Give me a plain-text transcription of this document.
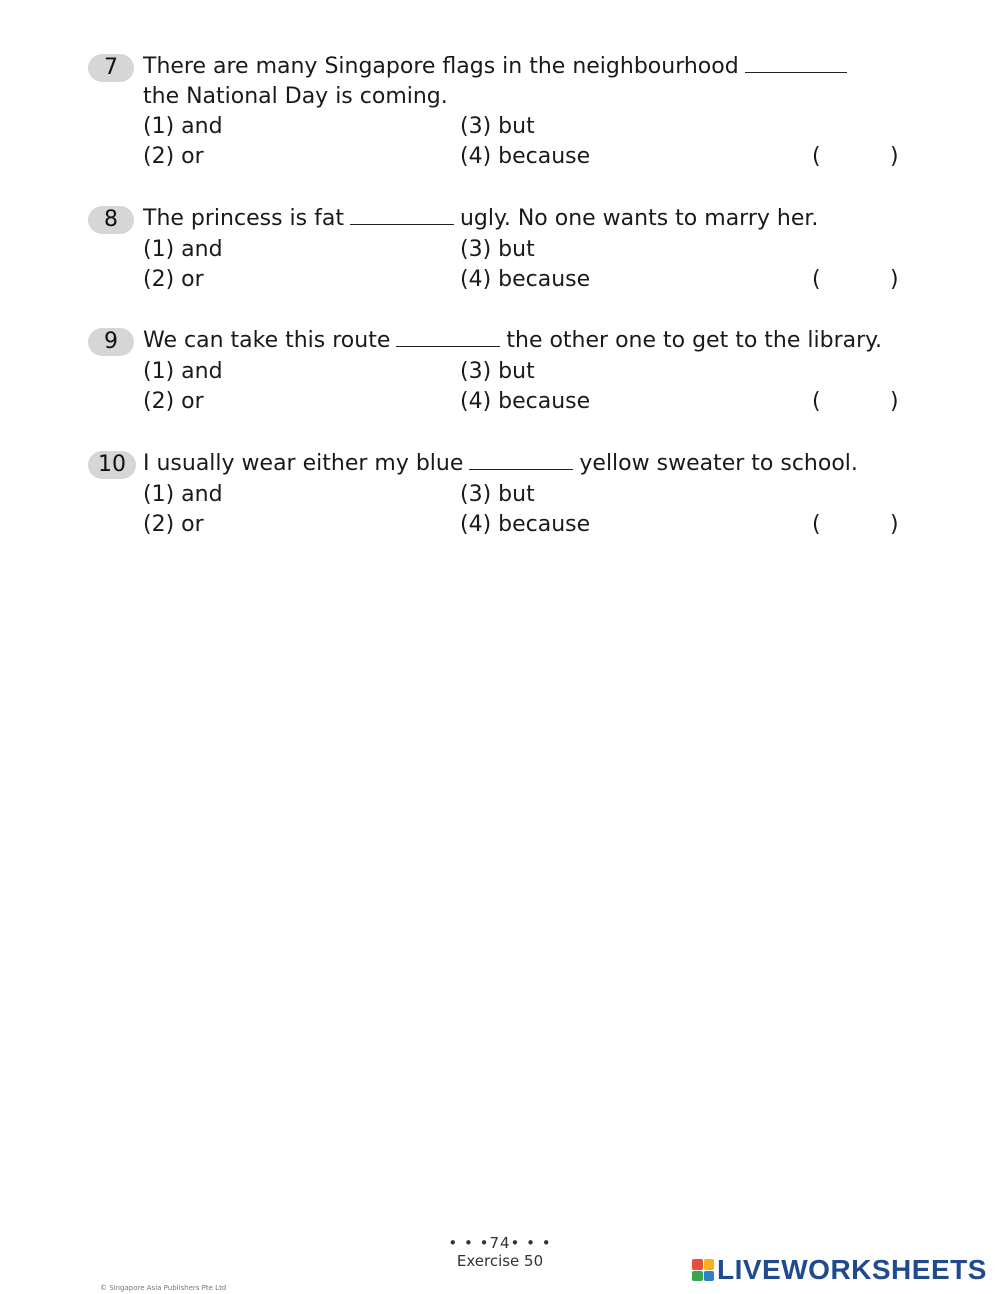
7	There are many Singapore flags in the neighbourhood
the National Day is coming.
(1) and	(3) but
(2) or	(4) because	(	)
8	The princess is fat	ugly. No one wants to marry her.
(1) and	(3) but
(2) or	(4) because	(	)
9	We can take this route	the other one to get to the library.
(1) and	(3) but
(2) or	(4) because	(	)
10 I usually wear either my blue	yellow sweater to school.
(1) and	(3) but
(2) or	(4) because	(	)
• • •74• • •
Exercise 50
© Singapore Asia Publishers Pte Ltd
LIVEWORKSHEETS
